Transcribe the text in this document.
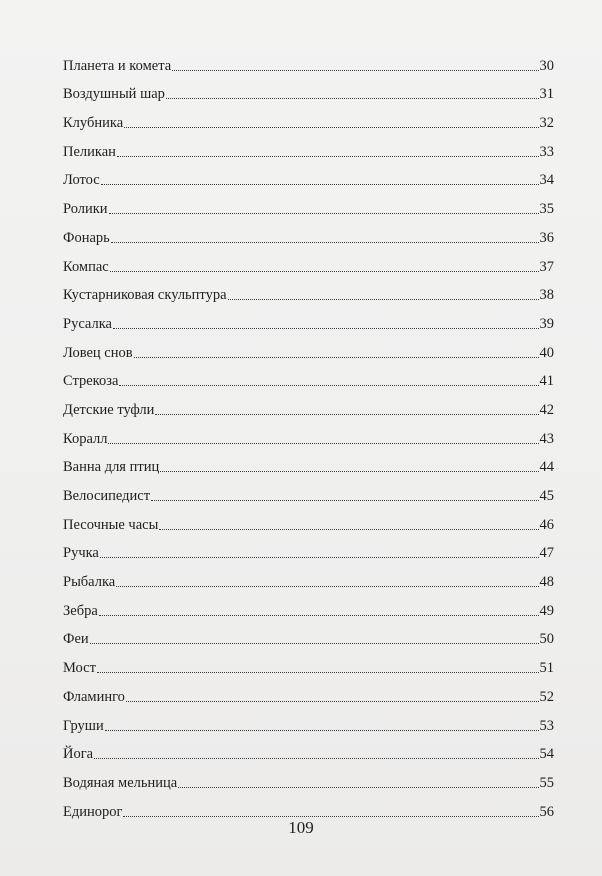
Планета и комета	30
Воздушный шар	31
Клубника	32
Пеликан	33
Лотос	34
Ролики	35
Фонарь	36
Компас	37
Кустарниковая скульптура	38
Русалка	39
Ловец снов	40
Стрекоза	41
Детские туфли	42
Коралл	43
Ванна для птиц	44
Велосипедист	45
Песочные часы	46
Ручка	47
Рыбалка	48
Зебра	49
Феи	50
Мост	51
Фламинго	52
Груши	53
Йога	54
Водяная мельница	55
Единорог	56
109
